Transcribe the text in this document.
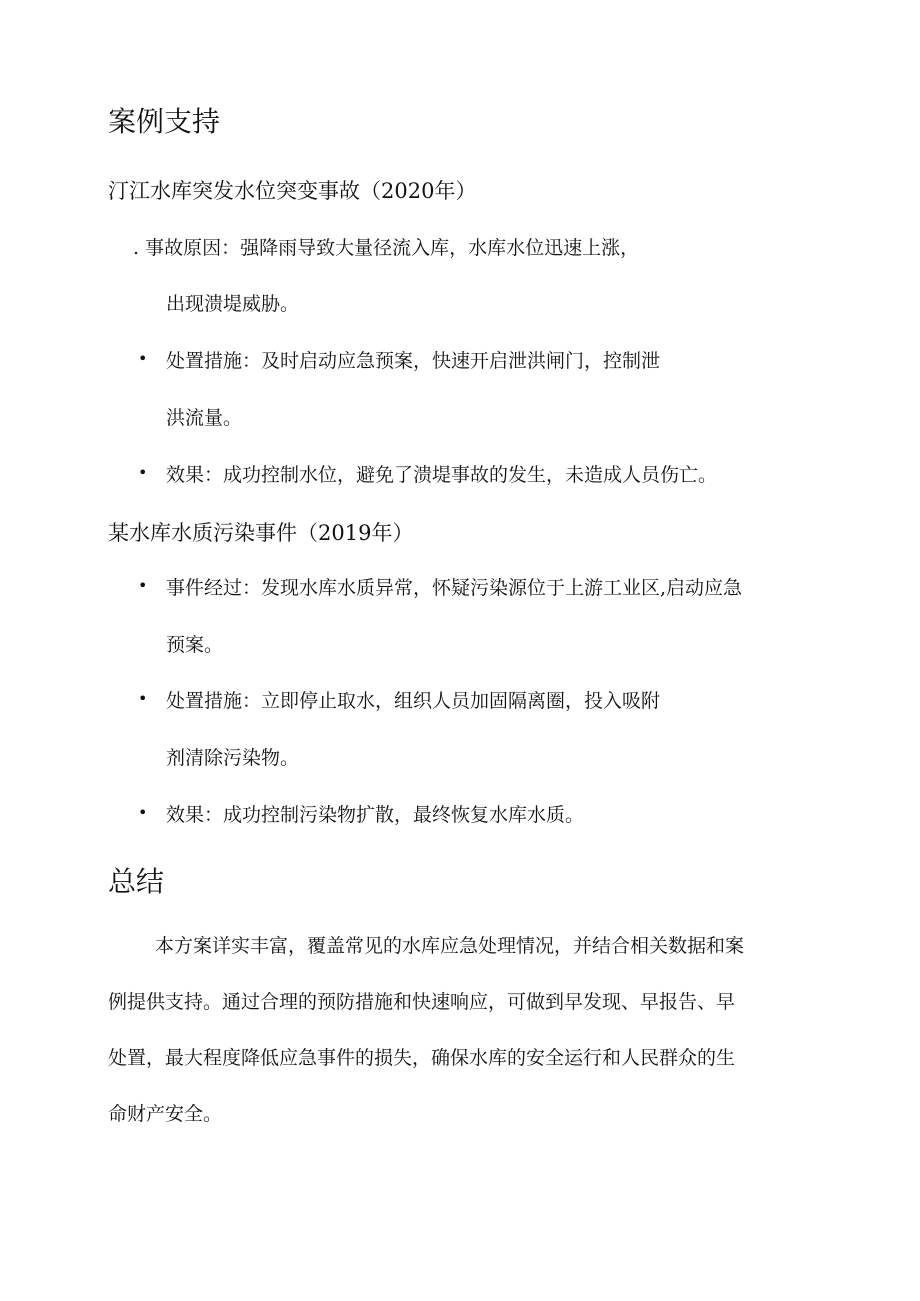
案例支持
汀江水库突发水位突变事故（2020年）
. 事故原因：强降雨导致大量径流入库，水库水位迅速上涨，
出现溃堤威胁。
• 处置措施：及时启动应急预案，快速开启泄洪闸门，控制泄
洪流量。
• 效果：成功控制水位，避免了溃堤事故的发生，未造成人员伤亡。
某水库水质污染事件（2019年）
• 事件经过：发现水库水质异常，怀疑污染源位于上游工业区,启动应急
预案。
• 处置措施：立即停止取水，组织人员加固隔离圈，投入吸附
剂清除污染物。
• 效果：成功控制污染物扩散，最终恢复水库水质。
总结
本方案详实丰富，覆盖常见的水库应急处理情况，并结合相关数据和案
例提供支持。通过合理的预防措施和快速响应，可做到早发现、早报告、早
处置，最大程度降低应急事件的损失，确保水库的安全运行和人民群众的生
命财产安全。
